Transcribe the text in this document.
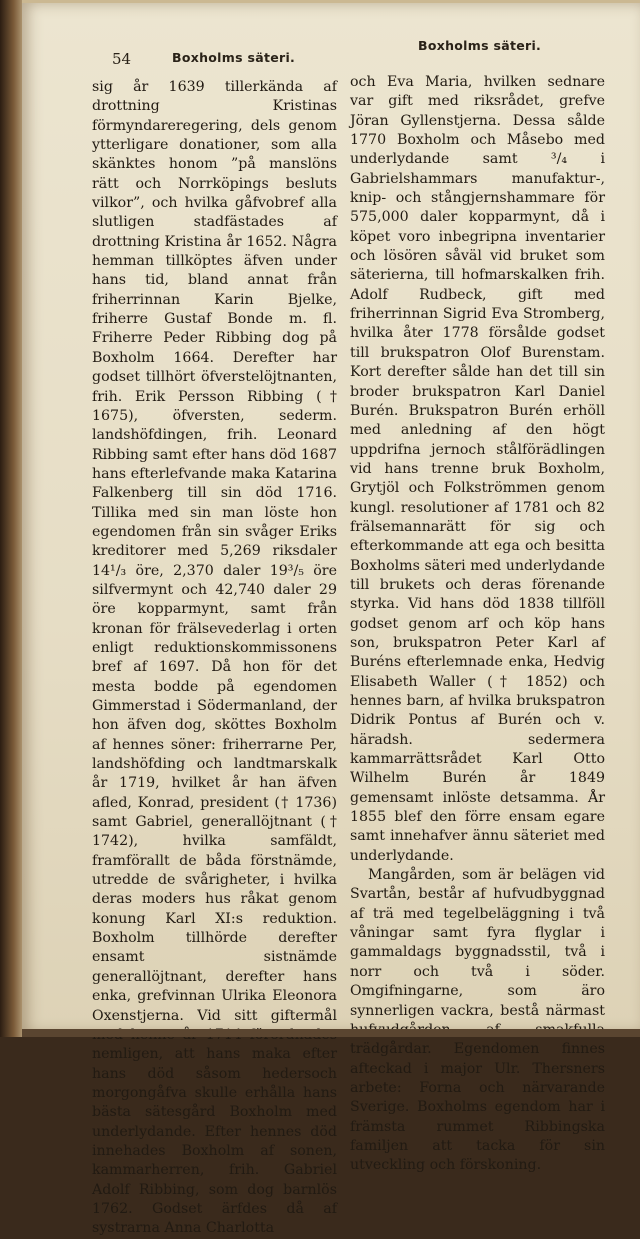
54	Boxholms säteri.
Boxholms säteri.

sig år 1639 tillerkända af drottning Kristinas förmyndareregering, dels genom ytterligare donationer, som alla skänktes honom ”på manslöns rätt och Norrköpings besluts vilkor”, och hvilka gåfvobref alla slutligen stadfästades af drottning Kristina år 1652. Några hemman tillköptes äfven under hans tid, bland annat från friherrinnan Karin Bjelke, friherre Gustaf Bonde m. fl. Friherre Peder Ribbing dog på Boxholm 1664. Derefter har godset tillhört öfverstelöjtnanten, frih. Erik Persson Ribbing († 1675), öfversten, sederm. landshöfdingen, frih. Leonard Ribbing samt efter hans död 1687 hans efterlefvande maka Katarina Falkenberg till sin död 1716. Tillika med sin man löste hon egendomen från sin svåger Eriks kreditorer med 5,269 riksdaler 14¹/₃ öre, 2,370 daler 19³/₅ öre silfvermynt och 42,740 daler 29 öre kopparmynt, samt från kronan för frälsevederlag i orten enligt reduktionskommissonens bref af 1697. Då hon för det mesta bodde på egendomen Gimmerstad i Södermanland, der hon äfven dog, sköttes Boxholm af hennes söner: friherrarne Per, landshöfding och landtmarskalk år 1719, hvilket år han äfven afled, Konrad, president († 1736) samt Gabriel, generallöjtnant († 1742), hvilka samfäldt, framförallt de båda förstnämde, utredde de svårigheter, i hvilka deras moders hus råkat genom konung Karl XI:s reduktion. Boxholm tillhörde derefter ensamt sistnämde generallöjtnant, derefter hans enka, grefvinnan Ulrika Eleonora Oxenstjerna. Vid sitt giftermål nemligen, att hans maka efter hans död såsom hedersoch morgongåfva skulle erhålla hans bästa sätesgård Boxholm med underlydande. Efter hennes död innehades Boxholm af sonen, kammarherren, frih. Gabriel Adolf Ribbing, som dog barnlös 1762. Godset ärfdes då af systrarna Anna Charlotta

och Eva Maria, hvilken sednare var gift med riksrådet, grefve Jöran Gyllenstjerna. Dessa sålde 1770 Boxholm och Måsebo med underlydande samt ³/₄ i Gabrielshammars manufaktur-, knip- och stångjernshammare för 575,000 daler kopparmynt, då i köpet voro inbegripna inventarier och lösören såväl vid bruket som säterierna, till hofmarskalken frih. Adolf Rudbeck, gift med friherrinnan Sigrid Eva Stromberg, hvilka åter 1778 försålde godset till brukspatron Olof Burenstam. Kort derefter sålde han det till sin broder brukspatron Karl Daniel Burén. Brukspatron Burén erhöll med anledning af den högt uppdrifna jernoch stålförädlingen vid hans trenne bruk Boxholm, Grytjöl och Folkströmmen genom kungl. resolutioner af 1781 och 82 frälsemannarätt för sig och efterkommande att ega och besitta Boxholms säteri med underlydande till brukets och deras förenande styrka. Vid hans död 1838 tillföll godset genom arf och köp hans son, brukspatron Peter Karl af Buréns efterlemnade enka, Hedvig Elisabeth Waller († 1852) och hennes barn, af hvilka brukspatron Didrik Pontus af Burén och v. häradsh. sedermera kammarrättsrådet Karl Otto Wilhelm Burén år 1849 gemensamt inlöste detsamma. År 1855 blef den förre ensam egare samt innehafver ännu säteriet med underlydande.

Mangården, som är belägen vid Svartån, består af hufvudbyggnad af trä med tegelbeläggning i två våningar samt fyra flyglar i gammaldags byggnadsstil, två i norr och två i söder. Omgifningarne, som äro synnerligen vackra, bestå närmast trädgårdar. Egendomen finnes afteckad i major Ulr. Thersners arbete: Forna och närvarande Sverige. Boxholms egendom har i främsta rummet Ribbingska familjen att tacka för sin utveckling och förskoning.
